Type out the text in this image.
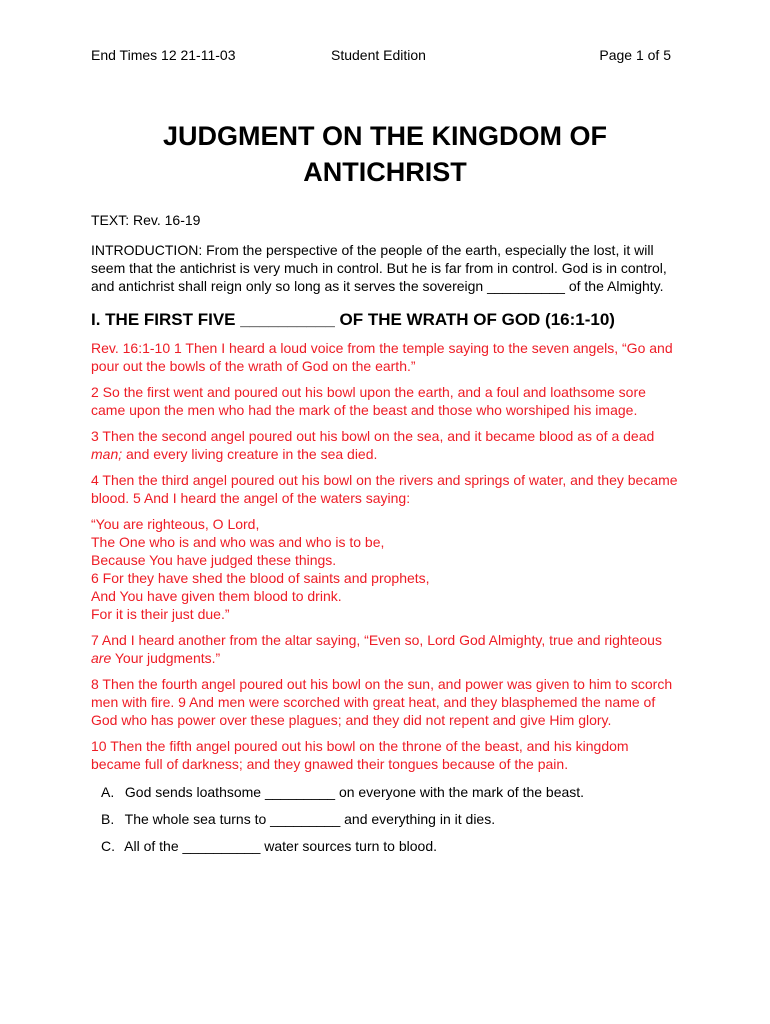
End Times 12 21-11-03	Student Edition	Page 1 of 5
JUDGMENT ON THE KINGDOM OF
ANTICHRIST

TEXT: Rev. 16-19

INTRODUCTION: From the perspective of the people of the earth, especially the lost, it will seem that the antichrist is very much in control. But he is far from in control. God is in control, and antichrist shall reign only so long as it serves the sovereign __________ of the Almighty.

I. THE FIRST FIVE __________ OF THE WRATH OF GOD (16:1-10)

Rev. 16:1-10 1 Then I heard a loud voice from the temple saying to the seven angels, “Go and pour out the bowls of the wrath of God on the earth.”

2 So the first went and poured out his bowl upon the earth, and a foul and loathsome sore came upon the men who had the mark of the beast and those who worshiped his image.

3 Then the second angel poured out his bowl on the sea, and it became blood as of a dead man; and every living creature in the sea died.

4 Then the third angel poured out his bowl on the rivers and springs of water, and they became blood. 5 And I heard the angel of the waters saying:

“You are righteous, O Lord,
The One who is and who was and who is to be,
Because You have judged these things.
6 For they have shed the blood of saints and prophets,
And You have given them blood to drink.
For it is their just due.”

7 And I heard another from the altar saying, “Even so, Lord God Almighty, true and righteous are Your judgments.”

8 Then the fourth angel poured out his bowl on the sun, and power was given to him to scorch men with fire. 9 And men were scorched with great heat, and they blasphemed the name of God who has power over these plagues; and they did not repent and give Him glory.

10 Then the fifth angel poured out his bowl on the throne of the beast, and his kingdom became full of darkness; and they gnawed their tongues because of the pain.

A. God sends loathsome _________ on everyone with the mark of the beast.
B. The whole sea turns to _________ and everything in it dies.
C. All of the __________ water sources turn to blood.
